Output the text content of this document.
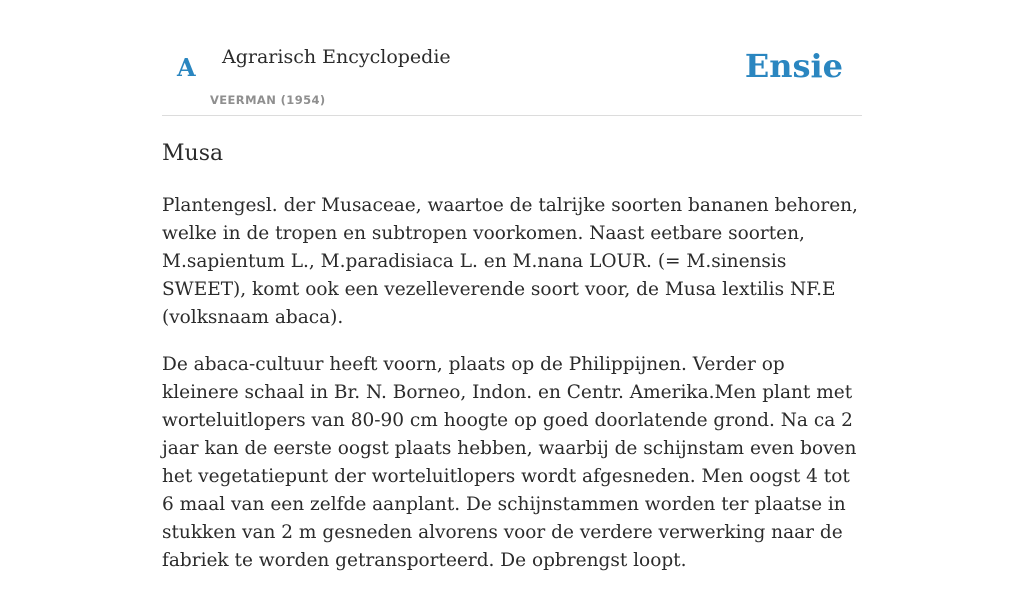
A Agrarisch Encyclopedie
VEERMAN (1954)
Ensie
Musa

Plantengesl. der Musaceae, waartoe de talrijke soorten bananen behoren, welke in de tropen en subtropen voorkomen. Naast eetbare soorten, M.sapientum L., M.paradisiaca L. en M.nana LOUR. (= M.sinensis SWEET), komt ook een vezelleverende soort voor, de Musa lextilis NF.E (volksnaam abaca).

De abaca-cultuur heeft voorn, plaats op de Philippijnen. Verder op kleinere schaal in Br. N. Borneo, Indon. en Centr. Amerika.Men plant met worteluitlopers van 80-90 cm hoogte op goed doorlatende grond. Na ca 2 jaar kan de eerste oogst plaats hebben, waarbij de schijnstam even boven het vegetatiepunt der worteluitlopers wordt afgesneden. Men oogst 4 tot 6 maal van een zelfde aanplant. De schijnstammen worden ter plaatse in stukken van 2 m gesneden alvorens voor de verdere verwerking naar de fabriek te worden getransporteerd. De opbrengst loopt.
